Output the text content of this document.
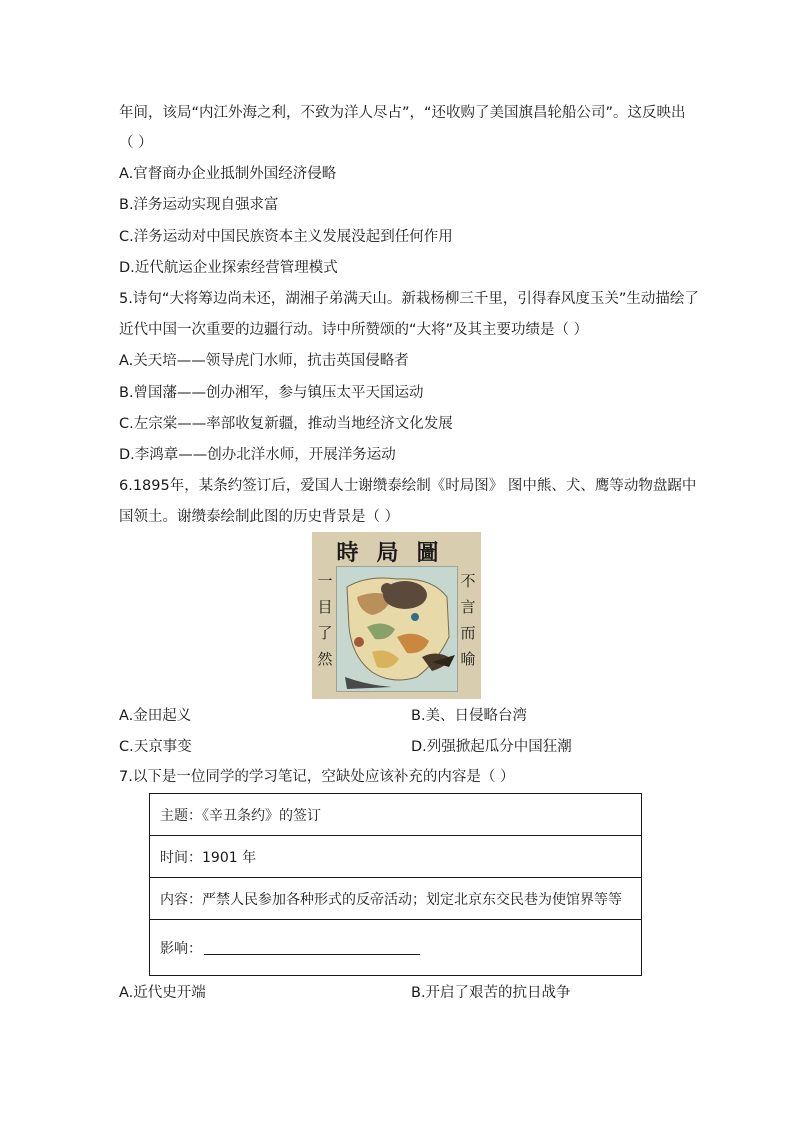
年间，该局“内江外海之利，不致为洋人尽占”，“还收购了美国旗昌轮船公司”。这反映出
（ ）
A.官督商办企业抵制外国经济侵略
B.洋务运动实现自强求富
C.洋务运动对中国民族资本主义发展没起到任何作用
D.近代航运企业探索经营管理模式
5.诗句“大将筹边尚未还，湖湘子弟满天山。新栽杨柳三千里，引得春风度玉关”生动描绘了
近代中国一次重要的边疆行动。诗中所赞颂的“大将”及其主要功绩是（ ）
A.关天培——领导虎门水师，抗击英国侵略者
B.曾国藩——创办湘军，参与镇压太平天国运动
C.左宗棠——率部收复新疆，推动当地经济文化发展
D.李鸿章——创办北洋水师，开展洋务运动
6.1895年，某条约签订后，爱国人士谢缵泰绘制《时局图》 图中熊、犬、鹰等动物盘踞中
国领土。谢缵泰绘制此图的历史背景是（ ）
時局圖
一
目
了
然
不
言
而
喻
A.金田起义	B.美、日侵略台湾
C.天京事变	D.列强掀起瓜分中国狂潮
7.以下是一位同学的学习笔记，空缺处应该补充的内容是（ ）
主题：《辛丑条约》的签订
时间：1901 年
内容：严禁人民参加各种形式的反帝活动；划定北京东交民巷为使馆界等等
影响：
A.近代史开端	B.开启了艰苦的抗日战争
